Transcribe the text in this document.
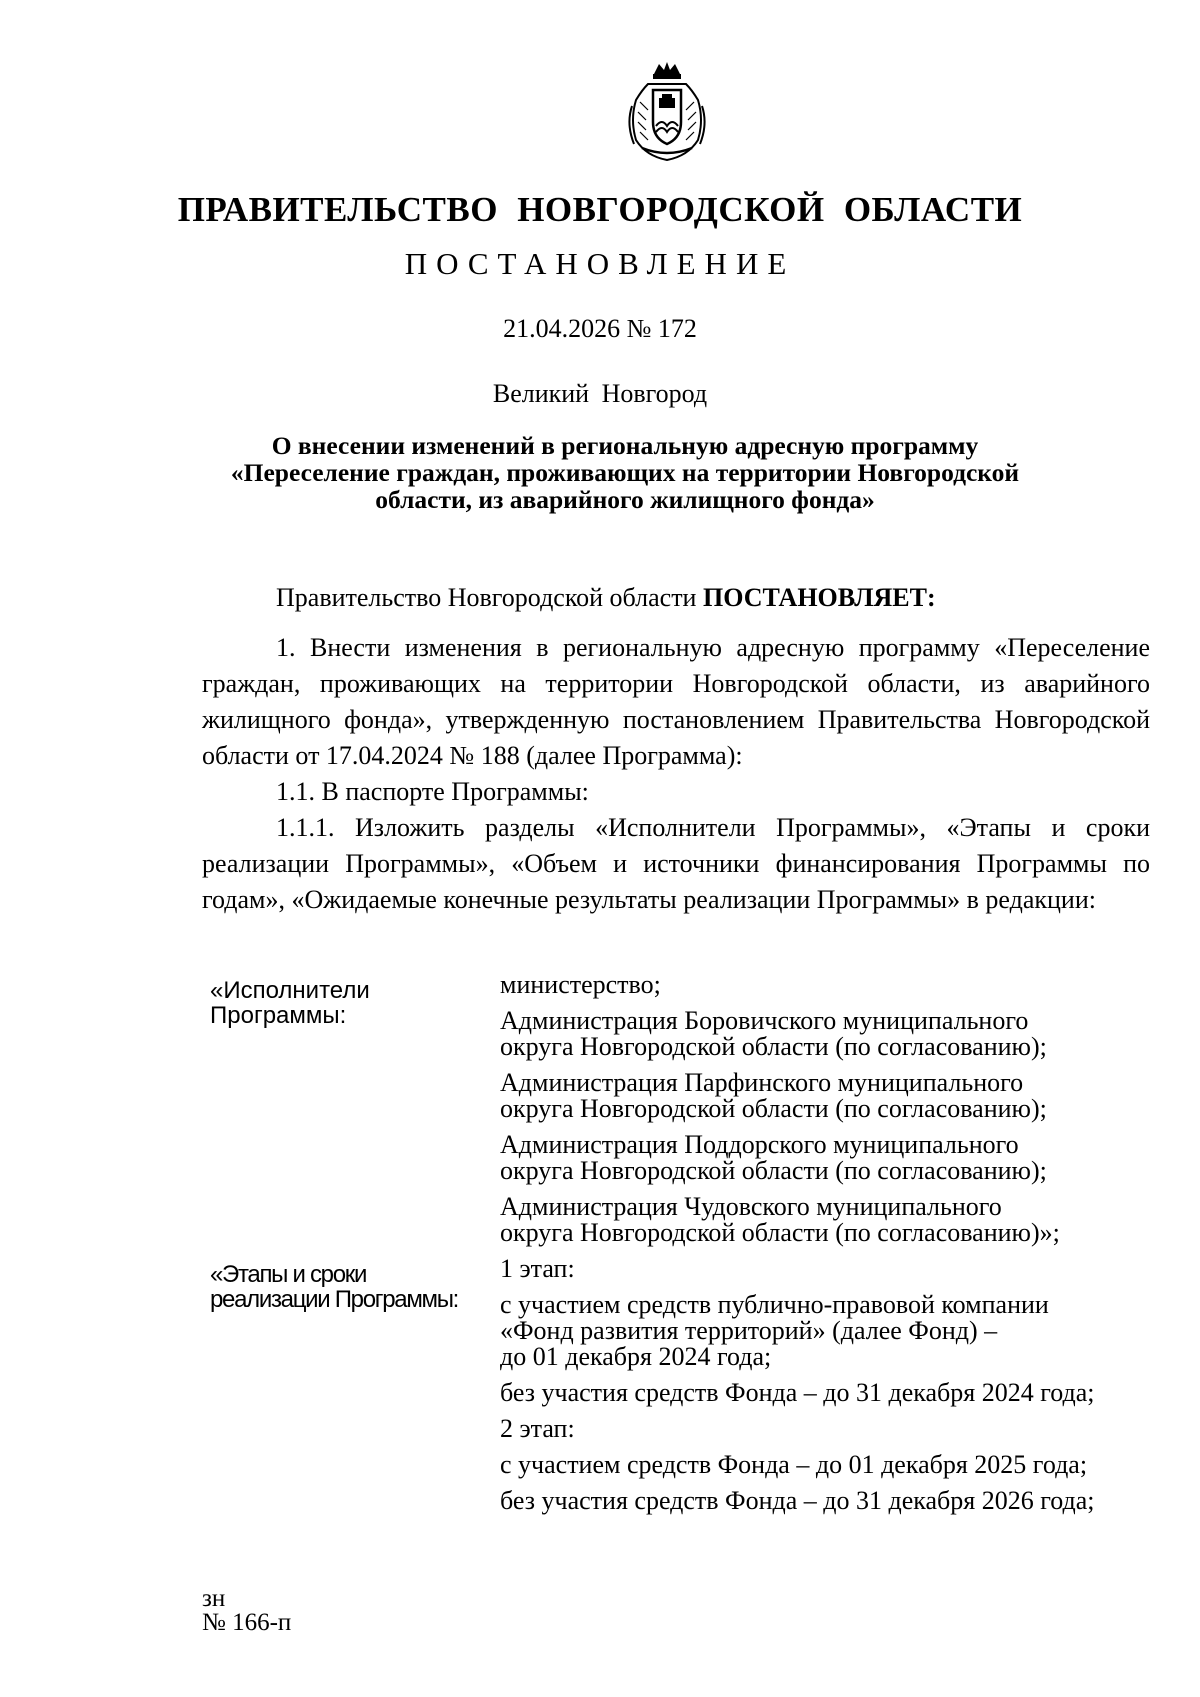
ПРАВИТЕЛЬСТВО НОВГОРОДСКОЙ ОБЛАСТИ
ПОСТАНОВЛЕНИЕ
21.04.2026 № 172
Великий Новгород
О внесении изменений в региональную адресную программу
«Переселение граждан, проживающих на территории Новгородской
области, из аварийного жилищного фонда»
Правительство Новгородской области ПОСТАНОВЛЯЕТ:
1. Внести изменения в региональную адресную программу «Переселение граждан, проживающих на территории Новгородской области, из аварийного жилищного фонда», утвержденную постановлением Правительства Новгородской области от 17.04.2024 № 188 (далее Программа):
1.1. В паспорте Программы:
1.1.1. Изложить разделы «Исполнители Программы», «Этапы и сроки реализации Программы», «Объем и источники финансирования Программы по годам», «Ожидаемые конечные результаты реализации Программы» в редакции:
«Исполнители
Программы:
министерство;
Администрация Боровичского муниципального
округа Новгородской области (по согласованию);
Администрация Парфинского муниципального
округа Новгородской области (по согласованию);
Администрация Поддорского муниципального
округа Новгородской области (по согласованию);
Администрация Чудовского муниципального
округа Новгородской области (по согласованию)»;
«Этапы и сроки
реализации Программы:
1 этап:
с участием средств публично-правовой компании
«Фонд развития территорий» (далее Фонд) –
до 01 декабря 2024 года;
без участия средств Фонда – до 31 декабря 2024 года;
2 этап:
с участием средств Фонда – до 01 декабря 2025 года;
без участия средств Фонда – до 31 декабря 2026 года;
зн
№ 166-п
